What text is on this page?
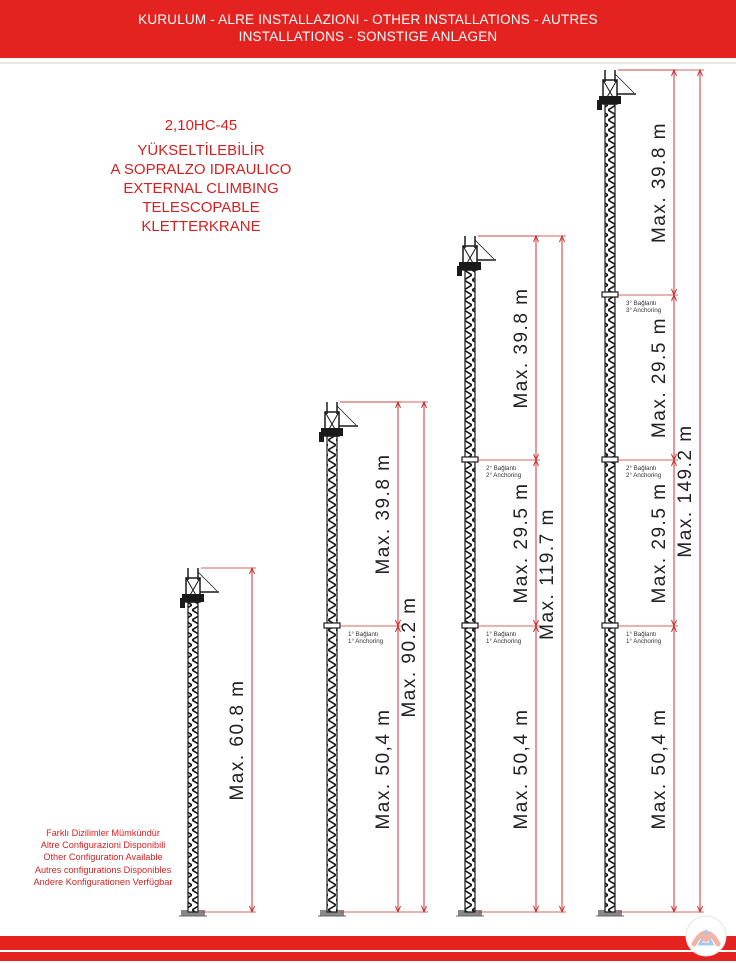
KURULUM - ALRE INSTALLAZIONI - OTHER INSTALLATIONS - AUTRES
INSTALLATIONS - SONSTIGE ANLAGEN
2,10HC-45
YÜKSELTİLEBİLİR
A SOPRALZO IDRAULICO
EXTERNAL CLIMBING
TELESCOPABLE
KLETTERKRANE
Farklı Dizilimler Mümkündür
Altre Configurazioni Disponibili
Other Configuration Available
Autres configurations Disponibles
Andere Konfigurationen Verfügbar
1° Bağlantı
1° Anchoring
1° Bağlantı
1° Anchoring
2° Bağlantı
2° Anchoring
1° Bağlantı
1° Anchoring
2° Bağlantı
2° Anchoring
3° Bağlantı
3° Anchoring
Max. 60.8 m	Max. 50,4 m
Max. 39.8 m
Max. 90.2 m
Max. 50,4 m
Max. 29.5 m
Max. 39.8 m
Max. 119.7 m
Max. 50,4 m
Max. 29.5 m
Max. 29.5 m
Max. 39.8 m
Max. 149.2 m
